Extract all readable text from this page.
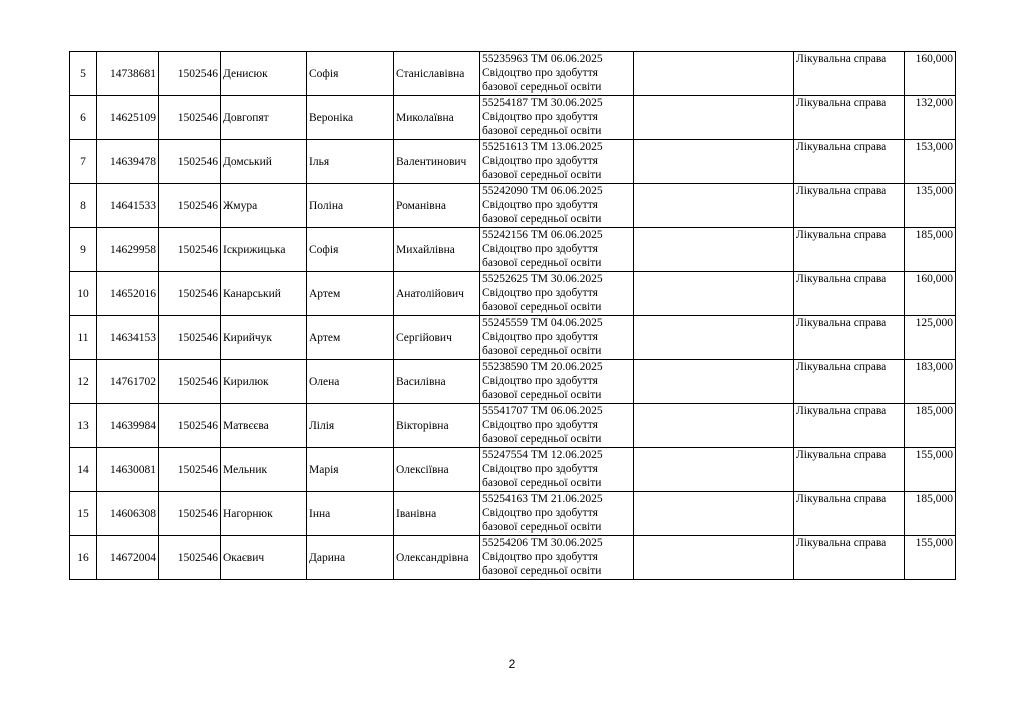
5	14738681	1502546	Денисюк	Софія	Станіславівна	55235963 ТМ 06.06.2025
Свідоцтво про здобуття
базової середньої освіти		Лікувальна справа	160,000
6	14625109	1502546	Довгопят	Вероніка	Миколаївна	55254187 ТМ 30.06.2025
Свідоцтво про здобуття
базової середньої освіти		Лікувальна справа	132,000
7	14639478	1502546	Домський	Ілья	Валентинович	55251613 ТМ 13.06.2025
Свідоцтво про здобуття
базової середньої освіти		Лікувальна справа	153,000
8	14641533	1502546	Жмура	Поліна	Романівна	55242090 ТМ 06.06.2025
Свідоцтво про здобуття
базової середньої освіти		Лікувальна справа	135,000
9	14629958	1502546	Іскрижицька	Софія	Михайлівна	55242156 ТМ 06.06.2025
Свідоцтво про здобуття
базової середньої освіти		Лікувальна справа	185,000
10	14652016	1502546	Канарський	Артем	Анатолійович	55252625 ТМ 30.06.2025
Свідоцтво про здобуття
базової середньої освіти		Лікувальна справа	160,000
11	14634153	1502546	Кирийчук	Артем	Сергійович	55245559 ТМ 04.06.2025
Свідоцтво про здобуття
базової середньої освіти		Лікувальна справа	125,000
12	14761702	1502546	Кирилюк	Олена	Василівна	55238590 ТМ 20.06.2025
Свідоцтво про здобуття
базової середньої освіти		Лікувальна справа	183,000
13	14639984	1502546	Матвєєва	Лілія	Вікторівна	55541707 ТМ 06.06.2025
Свідоцтво про здобуття
базової середньої освіти		Лікувальна справа	185,000
14	14630081	1502546	Мельник	Марія	Олексіївна	55247554 ТМ 12.06.2025
Свідоцтво про здобуття
базової середньої освіти		Лікувальна справа	155,000
15	14606308	1502546	Нагорнюк	Інна	Іванівна	55254163 ТМ 21.06.2025
Свідоцтво про здобуття
базової середньої освіти		Лікувальна справа	185,000
16	14672004	1502546	Окаєвич	Дарина	Олександрівна	55254206 ТМ 30.06.2025
Свідоцтво про здобуття
базової середньої освіти		Лікувальна справа	155,000
2
